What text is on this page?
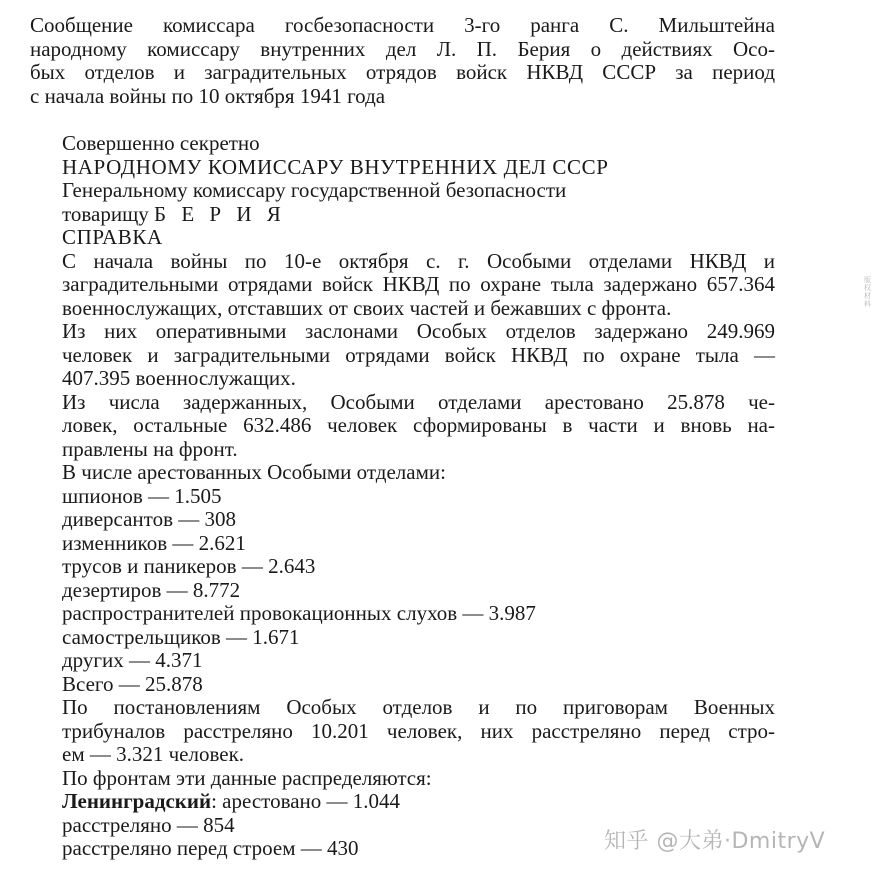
Сообщение комиссара госбезопасности 3-го ранга С. Мильштейна

народному комиссару внутренних дел Л. П. Берия о действиях Осо-

бых отделов и заградительных отрядов войск НКВД СССР за период

с начала войны по 10 октября 1941 года

Совершенно секретно

НАРОДНОМУ КОМИССАРУ ВНУТРЕННИХ ДЕЛ СССР

Генеральному комиссару государственной безопасности

товарищу Б Е Р И Я

СПРАВКА

С начала войны по 10-е октября с. г. Особыми отделами НКВД и
заградительными отрядами войск НКВД по охране тыла задержано 657.364
военнослужащих, отставших от своих частей и бежавших с фронта.
Из них оперативными заслонами Особых отделов задержано 249.969
человек и заградительными отрядами войск НКВД по охране тыла —
407.395 военнослужащих.
Из числа задержанных, Особыми отделами арестовано 25.878 че-
ловек, остальные 632.486 человек сформированы в части и вновь на-
правлены на фронт.

В числе арестованных Особыми отделами:

шпионов — 1.505

диверсантов — 308

изменников — 2.621

трусов и паникеров — 2.643

дезертиров — 8.772

распространителей провокационных слухов — 3.987

самострельщиков — 1.671

других — 4.371

Всего — 25.878

По постановлениям Особых отделов и по приговорам Военных
трибуналов расстреляно 10.201 человек, них расстреляно перед стро-
ем — 3.321 человек.

По фронтам эти данные распределяются:

Ленинградский: арестовано — 1.044

расстреляно — 854

расстреляно перед строем — 430

版权材料
知乎 @大弟·DmitryV
